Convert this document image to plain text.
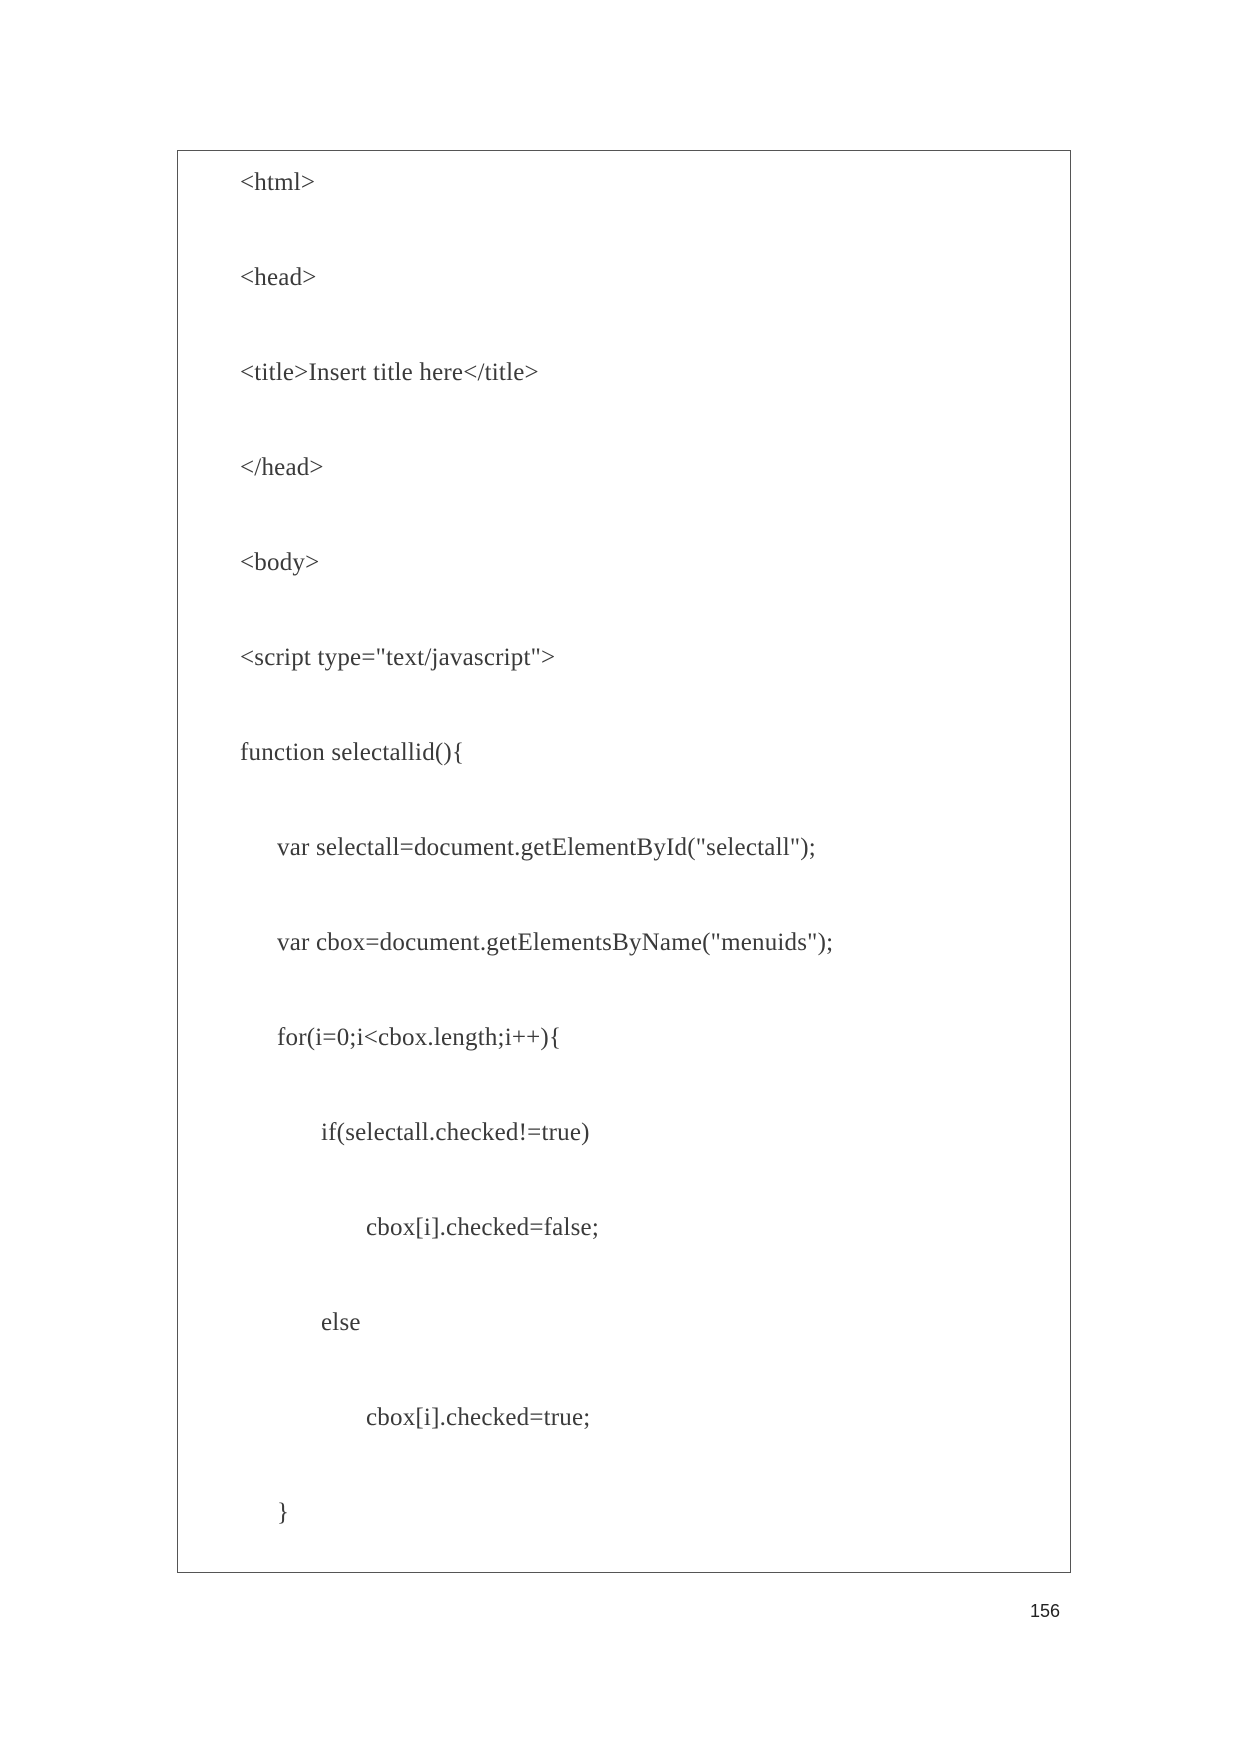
<html>
<head>
<title>Insert title here</title>
</head>
<body>
<script type="text/javascript">
function selectallid(){
var selectall=document.getElementById("selectall");
var cbox=document.getElementsByName("menuids");
for(i=0;i<cbox.length;i++){
if(selectall.checked!=true)
cbox[i].checked=false;
else
cbox[i].checked=true;
}
156
